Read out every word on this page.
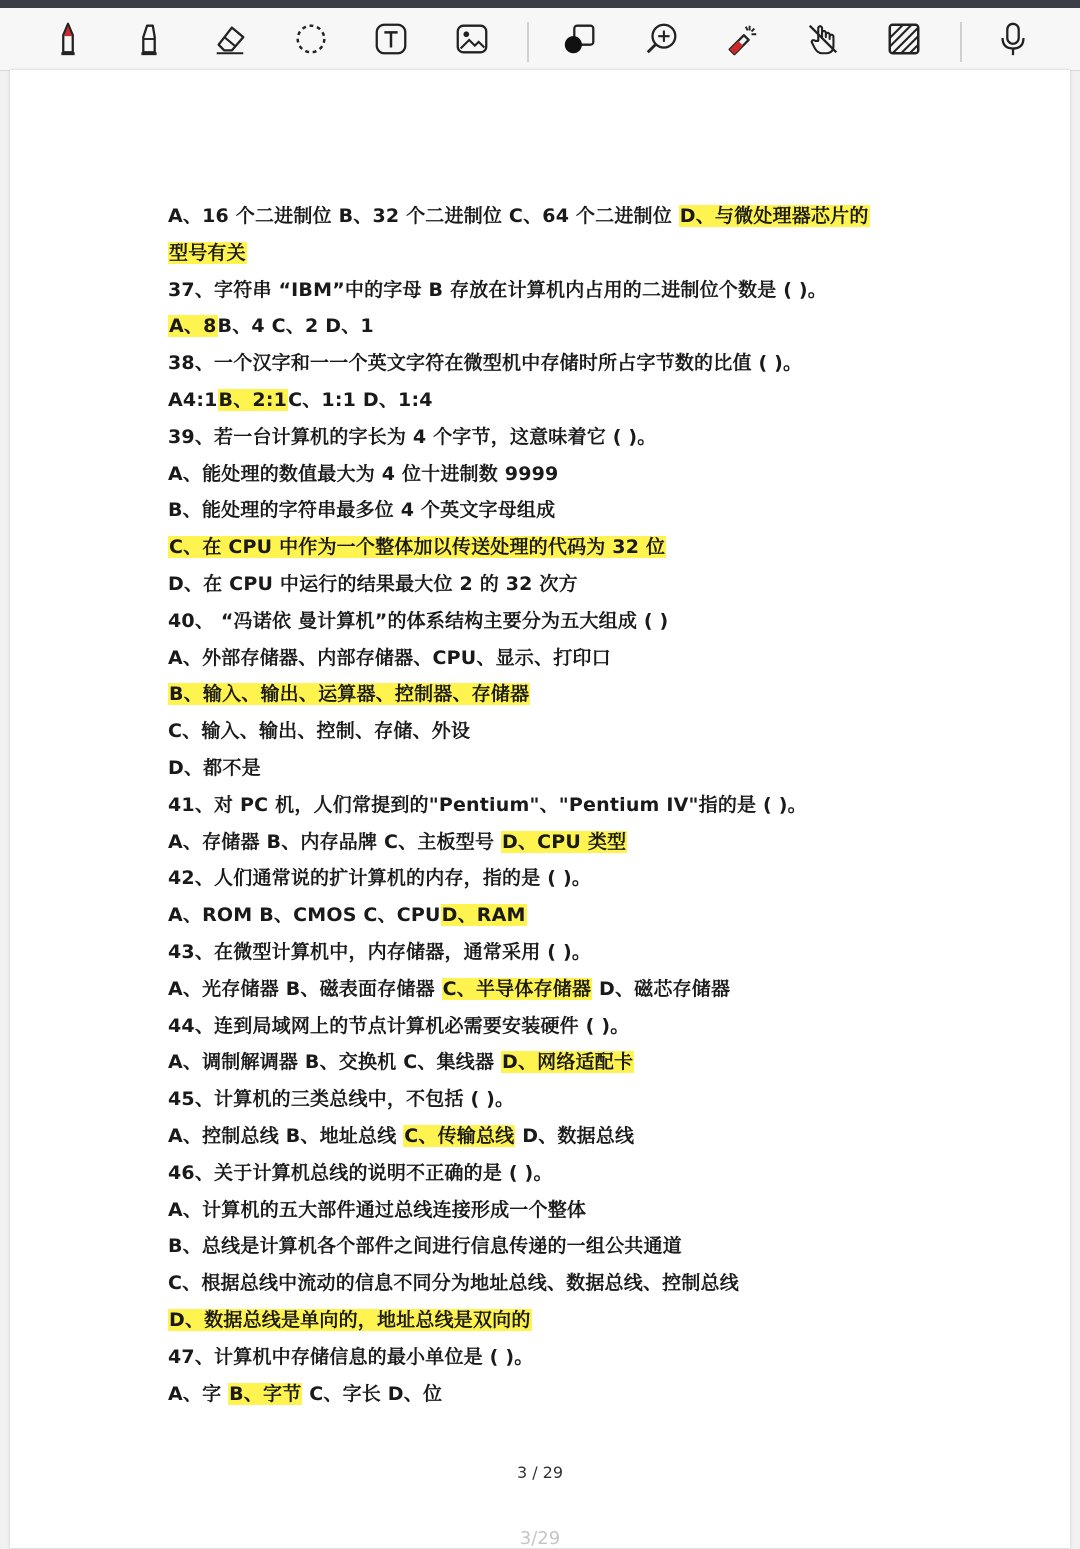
A、16 个二进制位 B、32 个二进制位 C、64 个二进制位 D、与微处理器芯片的
型号有关
37、字符串 “IBM”中的字母 B 存放在计算机内占用的二进制位个数是 ( )。
A、8B、4 C、2 D、1
38、一个汉字和一一个英文字符在微型机中存储时所占字节数的比值 ( )。
A4:1B、2:1C、1:1 D、1:4
39、若一台计算机的字长为 4 个字节，这意味着它 ( )。
A、能处理的数值最大为 4 位十进制数 9999
B、能处理的字符串最多位 4 个英文字母组成
C、在 CPU 中作为一个整体加以传送处理的代码为 32 位
D、在 CPU 中运行的结果最大位 2 的 32 次方
40、 “冯诺依 曼计算机”的体系结构主要分为五大组成 ( )
A、外部存储器、内部存储器、CPU、显示、打印口
B、输入、输出、运算器、控制器、存储器
C、输入、输出、控制、存储、外设
D、都不是
41、对 PC 机，人们常提到的"Pentium"、"Pentium IV"指的是 ( )。
A、存储器 B、内存品牌 C、主板型号 D、CPU 类型
42、人们通常说的扩计算机的内存，指的是 ( )。
A、ROM B、CMOS C、CPUD、RAM
43、在微型计算机中，内存储器，通常采用 ( )。
A、光存储器 B、磁表面存储器 C、半导体存储器 D、磁芯存储器
44、连到局域网上的节点计算机必需要安装硬件 ( )。
A、调制解调器 B、交换机 C、集线器 D、网络适配卡
45、计算机的三类总线中，不包括 ( )。
A、控制总线 B、地址总线 C、传输总线 D、数据总线
46、关于计算机总线的说明不正确的是 ( )。
A、计算机的五大部件通过总线连接形成一个整体
B、总线是计算机各个部件之间进行信息传递的一组公共通道
C、根据总线中流动的信息不同分为地址总线、数据总线、控制总线
D、数据总线是单向的，地址总线是双向的
47、计算机中存储信息的最小单位是 ( )。
A、字 B、字节 C、字长 D、位
3 / 29
3/29
